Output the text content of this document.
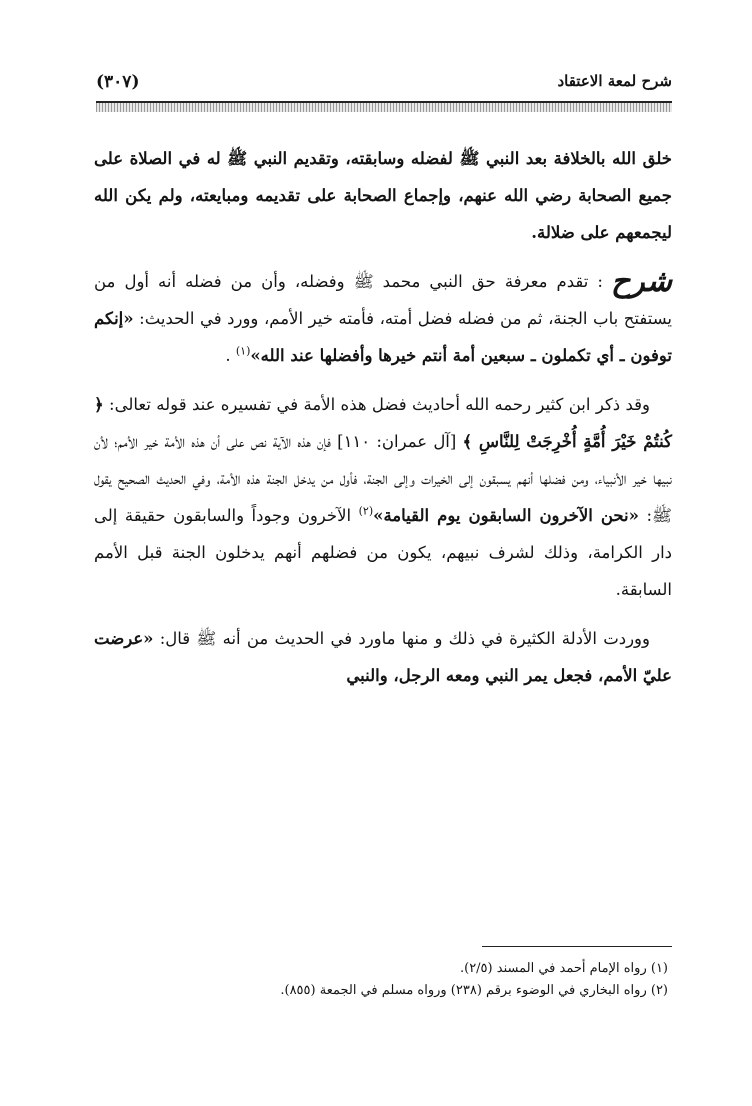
شرح لمعة الاعتقاد
(٣٠٧)

خلق الله بالخلافة بعد النبي ﷺ لفضله وسابقته، وتقديم النبي ﷺ له في الصلاة على جميع الصحابة رضي الله عنهم، وإجماع الصحابة على تقديمه ومبايعته، ولم يكن الله ليجمعهم على ضلالة.

شرح: تقدم معرفة حق النبي محمد ﷺ وفضله، وأن من فضله أنه أول من يستفتح باب الجنة، ثم من فضله فضل أمته، فأمته خير الأمم، وورد في الحديث: «إنكم توفون ـ أي تكملون ـ سبعين أمة أنتم خيرها وأفضلها عند الله»$^{(١)}$ .

وقد ذكر ابن كثير رحمه الله أحاديث فضل هذه الأمة في تفسيره عند قوله تعالى: ﴿ كُنتُمْ خَيْرَ أُمَّةٍ أُخْرِجَتْ لِلنَّاسِ ﴾ [آل عمران: ١١٠] فإن هذه الآية نص على أن هذه الأمة خير الأمم؛ لأن نبيها خير الأنبياء، ومن فضلها أنهم يسبقون إلى الخيرات وإلى الجنة، فأول من يدخل الجنة هذه الأمة، وفي الحديث الصحيح يقول ﷺ: «نحن الآخرون السابقون يوم القيامة»$^{(٢)}$ الآخرون وجوداً والسابقون حقيقة إلى دار الكرامة، وذلك لشرف نبيهم، يكون من فضلهم أنهم يدخلون الجنة قبل الأمم السابقة.

ووردت الأدلة الكثيرة في ذلك و منها ماورد في الحديث من أنه ﷺ قال: «عرضت عليّ الأمم، فجعل يمر النبي ومعه الرجل، والنبي

(١) رواه الإمام أحمد في المسند (٢/٥).
(٢) رواه البخاري في الوضوء برقم (٢٣٨) ورواه مسلم في الجمعة (٨٥٥).
